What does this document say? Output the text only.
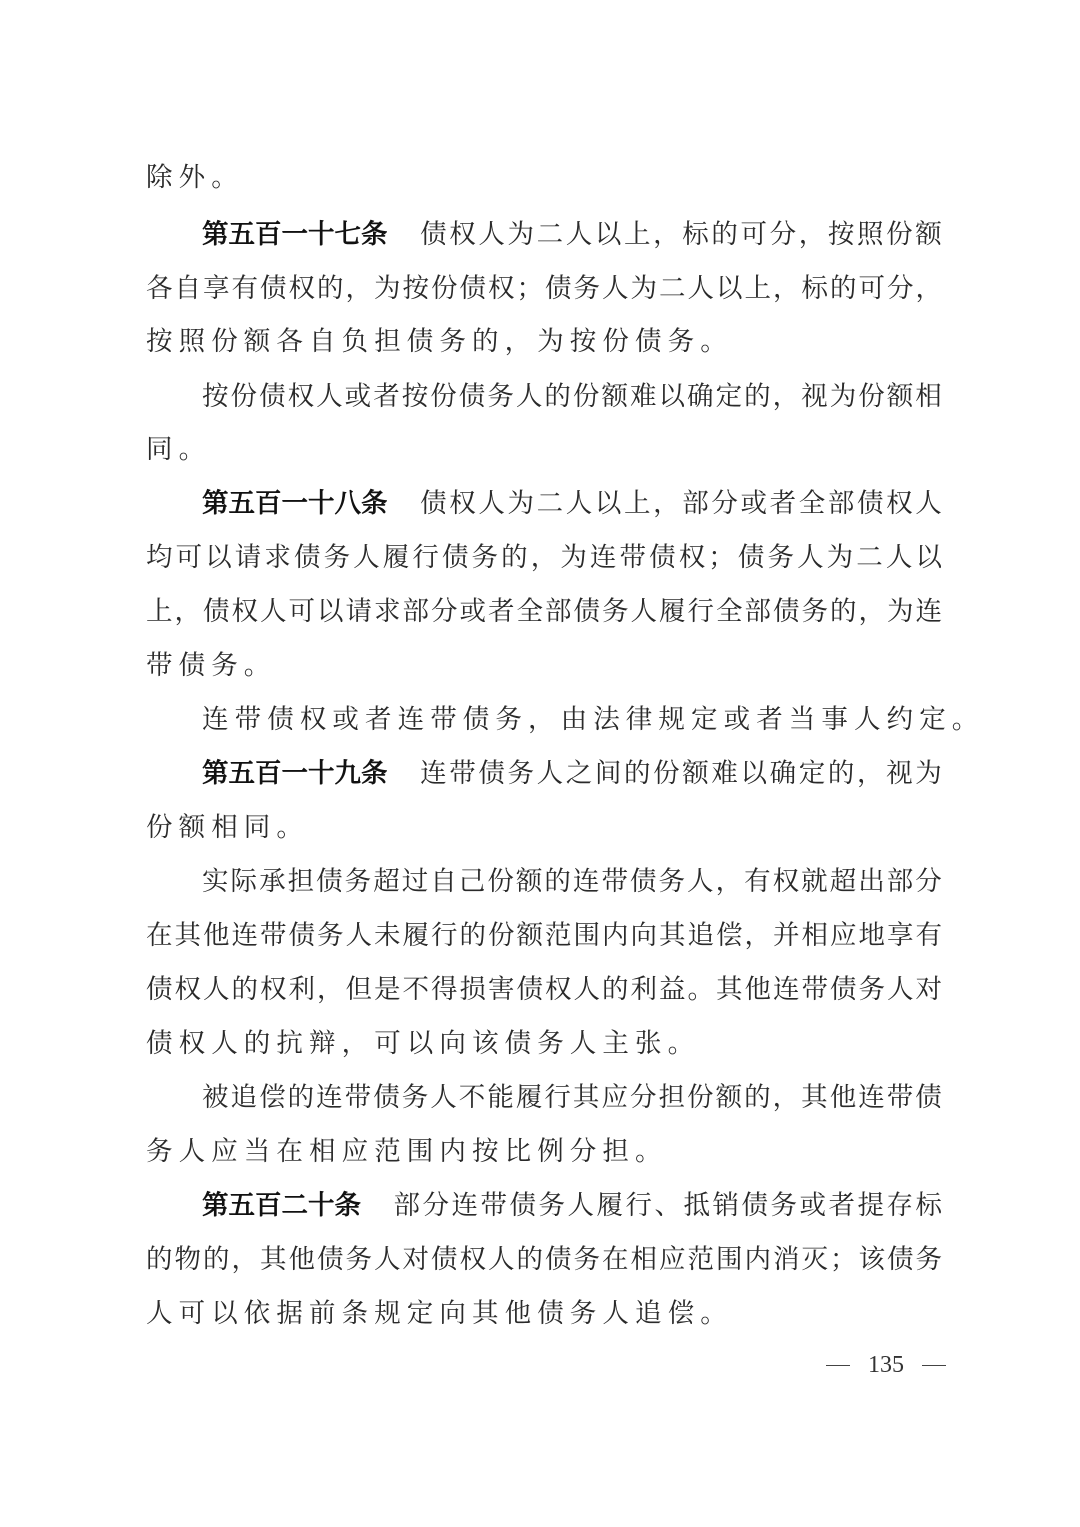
除外。
第五百一十七条 债 权 人 为 二 人 以 上 ， 标 的 可 分 ， 按 照 份 额
各 自 享 有 债 权 的 ， 为 按 份 债 权 ； 债 务 人 为 二 人 以 上 ， 标 的 可 分 ，
按照份额各自负担债务的，为按份债务。
按 份 债 权 人 或 者 按 份 债 务 人 的 份 额 难 以 确 定 的 ， 视 为 份 额 相
同。
第五百一十八条 债 权 人 为 二 人 以 上 ， 部 分 或 者 全 部 债 权 人
均 可 以 请 求 债 务 人 履 行 债 务 的 ， 为 连 带 债 权 ； 债 务 人 为 二 人 以
上 ， 债 权 人 可 以 请 求 部 分 或 者 全 部 债 务 人 履 行 全 部 债 务 的 ， 为 连
带债务。
连带债权或者连带债务，由法律规定或者当事人约定。
第五百一十九条 连 带 债 务 人 之 间 的 份 额 难 以 确 定 的 ， 视 为
份额相同。
实 际 承 担 债 务 超 过 自 己 份 额 的 连 带 债 务 人 ， 有 权 就 超 出 部 分
在 其 他 连 带 债 务 人 未 履 行 的 份 额 范 围 内 向 其 追 偿 ， 并 相 应 地 享 有
债 权 人 的 权 利 ， 但 是 不 得 损 害 债 权 人 的 利 益 。 其 他 连 带 债 务 人 对
债权人的抗辩，可以向该债务人主张。
被 追 偿 的 连 带 债 务 人 不 能 履 行 其 应 分 担 份 额 的 ， 其 他 连 带 债
务人应当在相应范围内按比例分担。
第五百二十条 部 分 连 带 债 务 人 履 行 、 抵 销 债 务 或 者 提 存 标
的 物 的 ， 其 他 债 务 人 对 债 权 人 的 债 务 在 相 应 范 围 内 消 灭 ； 该 债 务
人可以依据前条规定向其他债务人追偿。
135
